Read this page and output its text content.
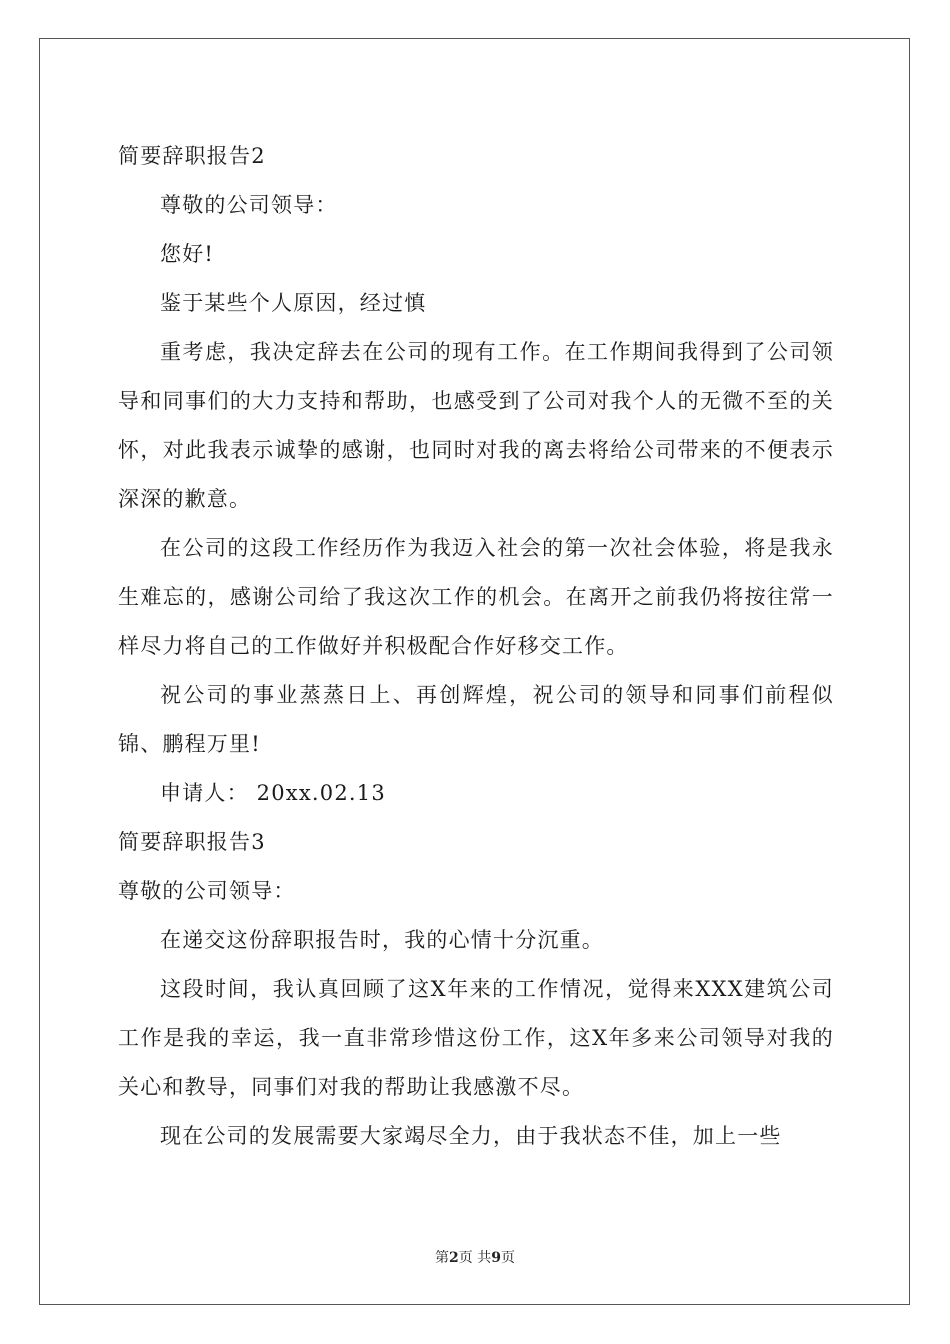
简要辞职报告2
尊敬的公司领导：
您好!
鉴于某些个人原因，经过慎

重考虑，我决定辞去在公司的现有工作。在工作期间我得到了公司领导和同事们的大力支持和帮助，也感受到了公司对我个人的无微不至的关怀，对此我表示诚挚的感谢，也同时对我的离去将给公司带来的不便表示深深的歉意。

在公司的这段工作经历作为我迈入社会的第一次社会体验，将是我永生难忘的，感谢公司给了我这次工作的机会。在离开之前我仍将按往常一样尽力将自己的工作做好并积极配合作好移交工作。

祝公司的事业蒸蒸日上、再创辉煌，祝公司的领导和同事们前程似锦、鹏程万里!

申请人： 20xx.02.13
简要辞职报告3
尊敬的公司领导：

在递交这份辞职报告时，我的心情十分沉重。

这段时间，我认真回顾了这X年来的工作情况，觉得来XXX建筑公司工作是我的幸运，我一直非常珍惜这份工作，这X年多来公司领导对我的关心和教导，同事们对我的帮助让我感激不尽。

现在公司的发展需要大家竭尽全力，由于我状态不佳，加上一些

第2页 共9页
